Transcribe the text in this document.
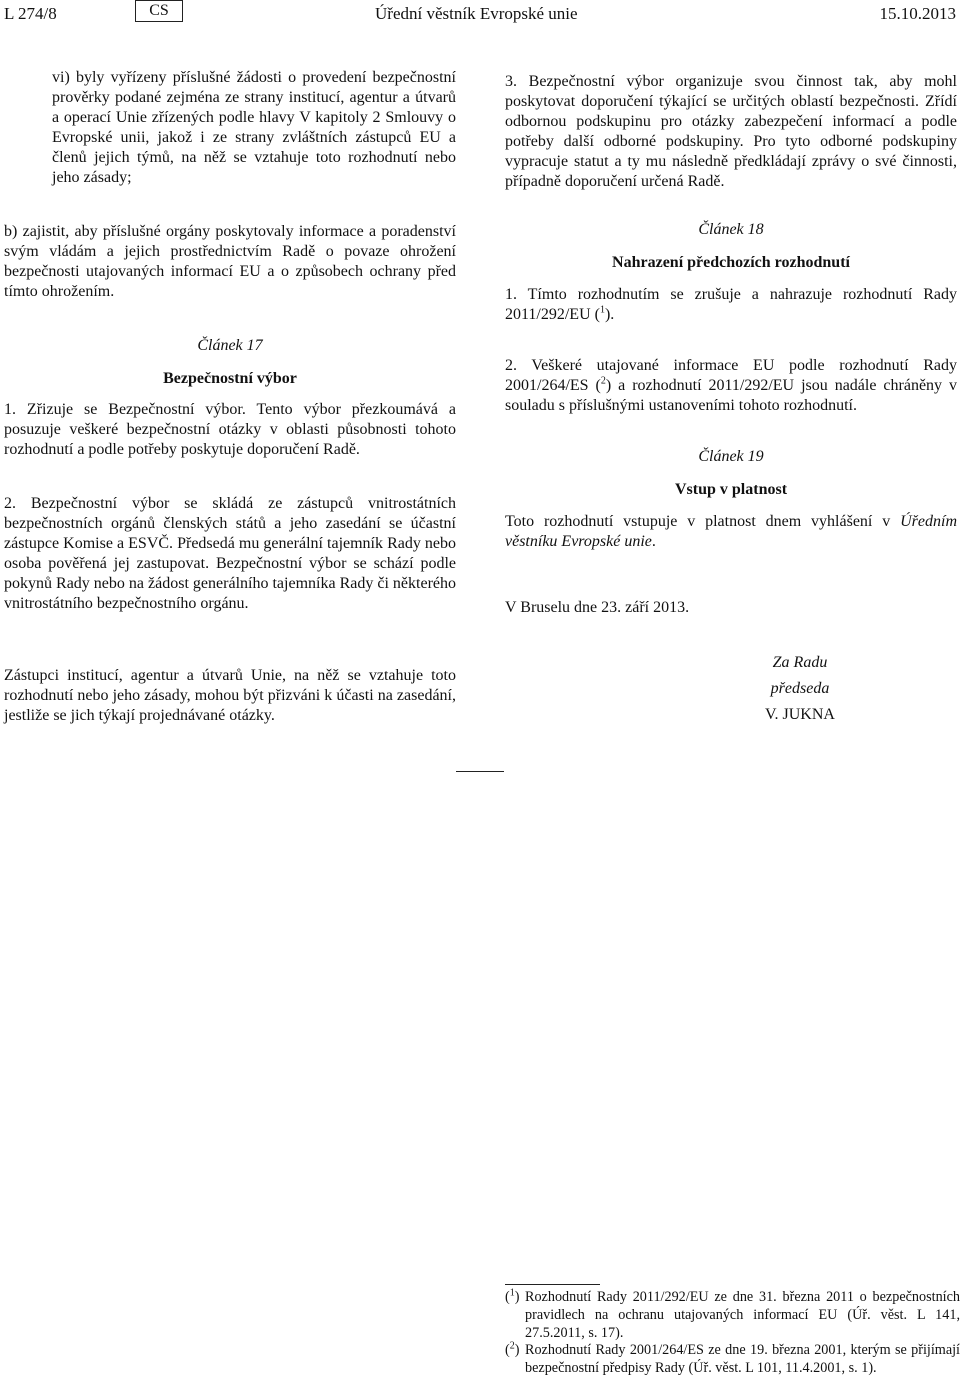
L 274/8	CS	Úřední věstník Evropské unie	15.10.2013

vi) byly vyřízeny příslušné žádosti o provedení bezpečnostní prověrky podané zejména ze strany institucí, agentur a útvarů a operací Unie zřízených podle hlavy V kapitoly 2 Smlouvy o Evropské unii, jakož i ze strany zvláštních zástupců EU a členů jejich týmů, na něž se vztahuje toto rozhodnutí nebo jeho zásady;

b) zajistit, aby příslušné orgány poskytovaly informace a poradenství svým vládám a jejich prostřednictvím Radě o povaze ohrožení bezpečnosti utajovaných informací EU a o způsobech ochrany před tímto ohrožením.

Článek 17
Bezpečnostní výbor

1. Zřizuje se Bezpečnostní výbor. Tento výbor přezkoumává a posuzuje veškeré bezpečnostní otázky v oblasti působnosti tohoto rozhodnutí a podle potřeby poskytuje doporučení Radě.

2. Bezpečnostní výbor se skládá ze zástupců vnitrostátních bezpečnostních orgánů členských států a jeho zasedání se účastní zástupce Komise a ESVČ. Předsedá mu generální tajemník Rady nebo osoba pověřená jej zastupovat. Bezpečnostní výbor se schází podle pokynů Rady nebo na žádost generálního tajemníka Rady či některého vnitrostátního bezpečnostního orgánu.

Zástupci institucí, agentur a útvarů Unie, na něž se vztahuje toto rozhodnutí nebo jeho zásady, mohou být přizváni k účasti na zasedání, jestliže se jich týkají projednávané otázky.

3. Bezpečnostní výbor organizuje svou činnost tak, aby mohl poskytovat doporučení týkající se určitých oblastí bezpečnosti. Zřídí odbornou podskupinu pro otázky zabezpečení informací a podle potřeby další odborné podskupiny. Pro tyto odborné podskupiny vypracuje statut a ty mu následně předkládají zprávy o své činnosti, případně doporučení určená Radě.

Článek 18
Nahrazení předchozích rozhodnutí

1. Tímto rozhodnutím se zrušuje a nahrazuje rozhodnutí Rady 2011/292/EU ($^1$).

2. Veškeré utajované informace EU podle rozhodnutí Rady 2001/264/ES ($^2$) a rozhodnutí 2011/292/EU jsou nadále chráněny v souladu s příslušnými ustanoveními tohoto rozhodnutí.

Článek 19
Vstup v platnost

Toto rozhodnutí vstupuje v platnost dnem vyhlášení v Úředním věstníku Evropské unie.

V Bruselu dne 23. září 2013.
Za Radu
předseda
V. JUKNA
($^1$) Rozhodnutí Rady 2011/292/EU ze dne 31. března 2011 o bezpečnostních pravidlech na ochranu utajovaných informací EU (Úř. věst. L 141, 27.5.2011, s. 17).
($^2$) Rozhodnutí Rady 2001/264/ES ze dne 19. března 2001, kterým se přijímají bezpečnostní předpisy Rady (Úř. věst. L 101, 11.4.2001, s. 1).
